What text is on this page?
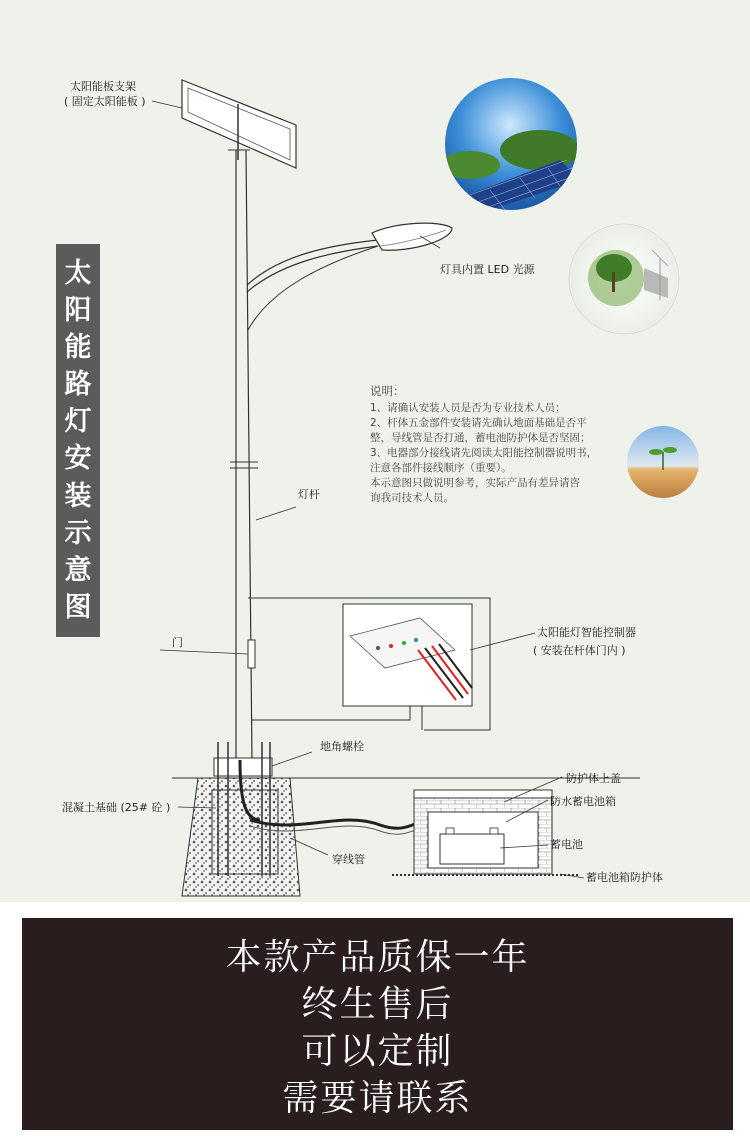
太
阳
能
路
灯
安
装
示
意
图
太阳能板支架
( 固定太阳能板 )
灯具内置 LED 光源
灯杆
门
太阳能灯智能控制器
( 安装在杆体门内 )
地角螺栓
混凝土基础 (25# 砼 )
穿线管
防护体上盖
防水蓄电池箱
蓄电池
蓄电池箱防护体
说明：
1、请确认安装人员是否为专业技术人员；
2、杆体五金部件安装请先确认地面基础是否平
整，导线管是否打通，蓄电池防护体是否坚固；
3、电器部分接线请先阅读太阳能控制器说明书，
注意各部件接线顺序（重要）。
本示意图只做说明参考，实际产品有差异请咨
询我司技术人员。
本款产品质保一年
终生售后
可以定制
需要请联系
